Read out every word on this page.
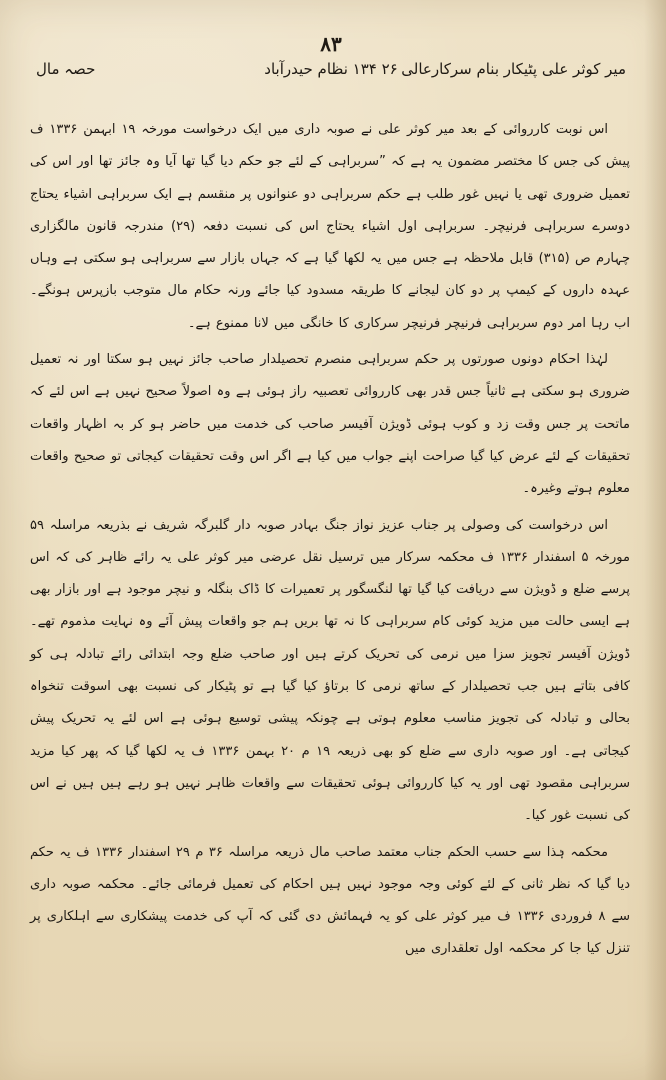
۸۳
میر کوثر علی پٹیکار بنام سرکارعالی
۲۶ ۱۳۴ نظام حیدرآباد
حصہ مال

اس نوبت کارروائی کے بعد میر کوثر علی نے صوبہ داری میں ایک درخواست مورخہ ۱۹ ابہمن ۱۳۳۶ ف پیش کی جس کا مختصر مضمون یہ ہے کہ ”سربراہی کے لئے جو حکم دیا گیا تھا آیا وہ جائز تھا اور اس کی تعمیل ضروری تھی یا نہیں غور طلب ہے حکم سربراہی دو عنوانوں پر منقسم ہے ایک سربراہی اشیاء یحتاج دوسرے سربراہی فرنیچر۔ سربراہی اول اشیاء یحتاج اس کی نسبت دفعہ (۲۹) مندرجہ قانون مالگزاری چہارم ص (۳۱۵) قابل ملاحظہ ہے جس میں یہ لکھا گیا ہے کہ جہاں بازار سے سربراہی ہو سکتی ہے وہاں عہدہ داروں کے کیمپ پر دو کان لیجانے کا طریقہ مسدود کیا جائے ورنہ حکام مال متوجب بازپرس ہونگے۔ اب رہا امر دوم سربراہی فرنیچر فرنیچر سرکاری کا خانگی میں لانا ممنوع ہے۔

لہٰذا احکام دونوں صورتوں پر حکم سربراہی منصرم تحصیلدار صاحب جائز نہیں ہو سکتا اور نہ تعمیل ضروری ہو سکتی ہے ثانیاً جس قدر بھی کارروائی تعصبیہ راز ہوئی ہے وہ اصولاً صحیح نہیں ہے اس لئے کہ ماتحت پر جس وقت زد و کوب ہوئی ڈویژن آفیسر صاحب کی خدمت میں حاضر ہو کر بہ اظہار واقعات تحقیقات کے لئے عرض کیا گیا صراحت اپنے جواب میں کیا ہے اگر اس وقت تحقیقات کیجاتی تو صحیح واقعات معلوم ہوتے وغیرہ۔

اس درخواست کی وصولی پر جناب عزیز نواز جنگ بہادر صوبہ دار گلبرگہ شریف نے بذریعہ مراسلہ ۵۹ مورخہ ۵ اسفندار ۱۳۳۶ ف محکمہ سرکار میں ترسیل نقل عرضی میر کوثر علی یہ رائے ظاہر کی کہ اس پرسے ضلع و ڈویژن سے دریافت کیا گیا تھا لنگسگور پر تعمیرات کا ڈاک بنگلہ و نیچر موجود ہے اور بازار بھی ہے ایسی حالت میں مزید کوئی کام سربراہی کا نہ تھا بریں ہم جو واقعات پیش آئے وہ نہایت مذموم تھے۔ ڈویژن آفیسر تجویز سزا میں نرمی کی تحریک کرتے ہیں اور صاحب ضلع وجہ ابتدائی رائے تبادلہ ہی کو کافی بتاتے ہیں جب تحصیلدار کے ساتھ نرمی کا برتاؤ کیا گیا ہے تو پٹیکار کی نسبت بھی اسوقت تنخواہ بحالی و تبادلہ کی تجویز مناسب معلوم ہوتی ہے چونکہ پیشی توسیع ہوئی ہے اس لئے یہ تحریک پیش کیجاتی ہے۔ اور صوبہ داری سے ضلع کو بھی ذریعہ ۱۹ م ۲۰ بہمن ۱۳۳۶ ف یہ لکھا گیا کہ پھر کیا مزید سربراہی مقصود تھی اور یہ کیا کارروائی ہوئی تحقیقات سے واقعات ظاہر نہیں ہو رہے ہیں ہیں نے اس کی نسبت غور کیا۔

محکمہ ہٰذا سے حسب الحکم جناب معتمد صاحب مال ذریعہ مراسلہ ۳۶ م ۲۹ اسفندار ۱۳۳۶ ف یہ حکم دیا گیا کہ نظر ثانی کے لئے کوئی وجہ موجود نہیں ہیں احکام کی تعمیل فرمائی جائے۔ محکمہ صوبہ داری سے ۸ فروردی ۱۳۳۶ ف میر کوثر علی کو یہ فہمائش دی گئی کہ آپ کی خدمت پیشکاری سے اہلکاری پر تنزل کیا جا کر محکمہ اول تعلقداری میں
